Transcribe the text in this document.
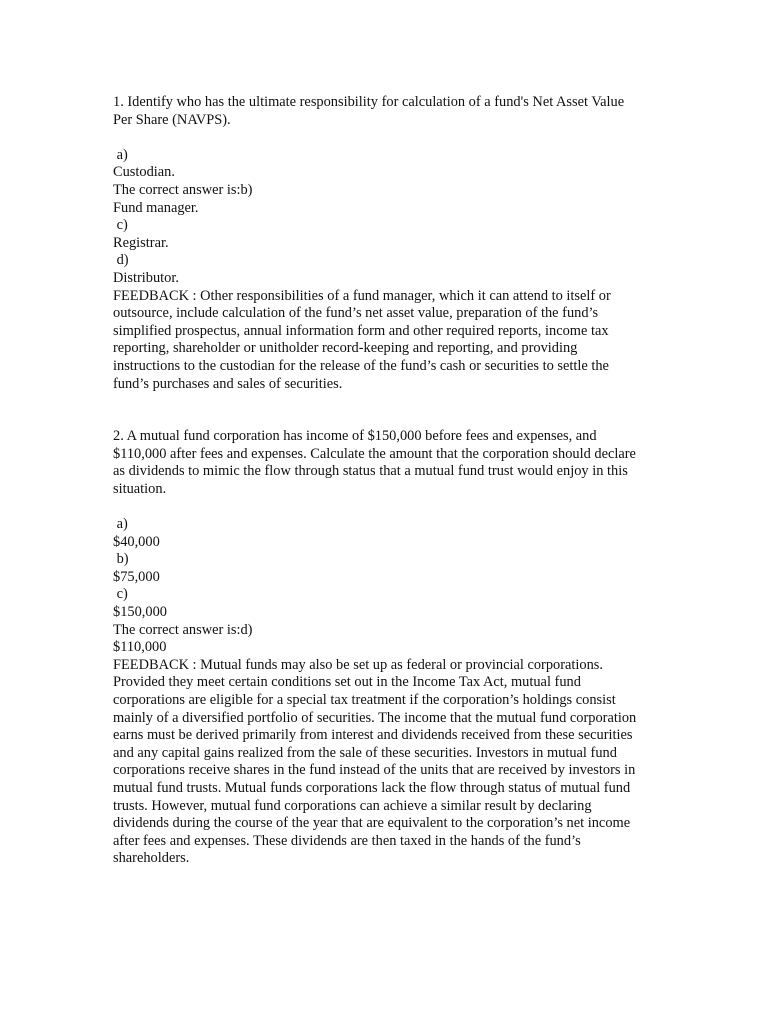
1. Identify who has the ultimate responsibility for calculation of a fund's Net Asset Value Per Share (NAVPS).

a)
Custodian.
The correct answer is:b)
Fund manager.
c)
Registrar.
d)
Distributor.

FEEDBACK : Other responsibilities of a fund manager, which it can attend to itself or outsource, include calculation of the fund’s net asset value, preparation of the fund’s simplified prospectus, annual information form and other required reports, income tax reporting, shareholder or unitholder record-keeping and reporting, and providing instructions to the custodian for the release of the fund’s cash or securities to settle the fund’s purchases and sales of securities.

2. A mutual fund corporation has income of $150,000 before fees and expenses, and $110,000 after fees and expenses. Calculate the amount that the corporation should declare as dividends to mimic the flow through status that a mutual fund trust would enjoy in this situation.

a)
$40,000
b)
$75,000
c)
$150,000
The correct answer is:d)
$110,000

FEEDBACK : Mutual funds may also be set up as federal or provincial corporations. Provided they meet certain conditions set out in the Income Tax Act, mutual fund corporations are eligible for a special tax treatment if the corporation’s holdings consist mainly of a diversified portfolio of securities. The income that the mutual fund corporation earns must be derived primarily from interest and dividends received from these securities and any capital gains realized from the sale of these securities. Investors in mutual fund corporations receive shares in the fund instead of the units that are received by investors in mutual fund trusts. Mutual funds corporations lack the flow through status of mutual fund trusts. However, mutual fund corporations can achieve a similar result by declaring dividends during the course of the year that are equivalent to the corporation’s net income after fees and expenses. These dividends are then taxed in the hands of the fund’s shareholders.
